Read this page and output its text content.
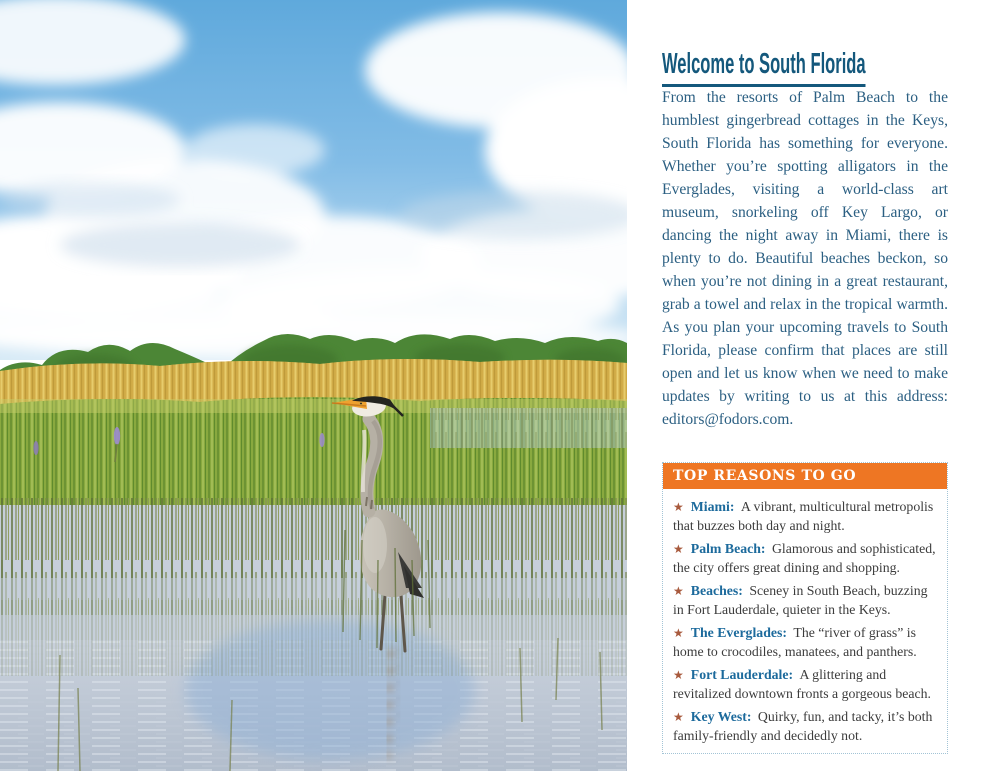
Welcome to South Florida

From the resorts of Palm Beach to the humblest gingerbread cottages in the Keys, South Florida has something for everyone. Whether you’re spotting alligators in the Everglades, visiting a world-class art museum, snorkeling off Key Largo, or dancing the night away in Miami, there is plenty to do. Beautiful beaches beckon, so when you’re not dining in a great restaurant, grab a towel and relax in the tropical warmth. As you plan your upcoming travels to South Florida, please confirm that places are still open and let us know when we need to make updates by writing to us at this address: editors@fodors.com.

TOP REASONS TO GO
★ Miami: A vibrant, multicultural metropolis that buzzes both day and night.
★ Palm Beach: Glamorous and sophisticated, the city offers great dining and shopping.
★ Beaches: Sceney in South Beach, buzzing in Fort Lauderdale, quieter in the Keys.
★ The Everglades: The “river of grass” is home to crocodiles, manatees, and panthers.
★ Fort Lauderdale: A glittering and revitalized downtown fronts a gorgeous beach.
★ Key West: Quirky, fun, and tacky, it’s both family-friendly and decidedly not.
